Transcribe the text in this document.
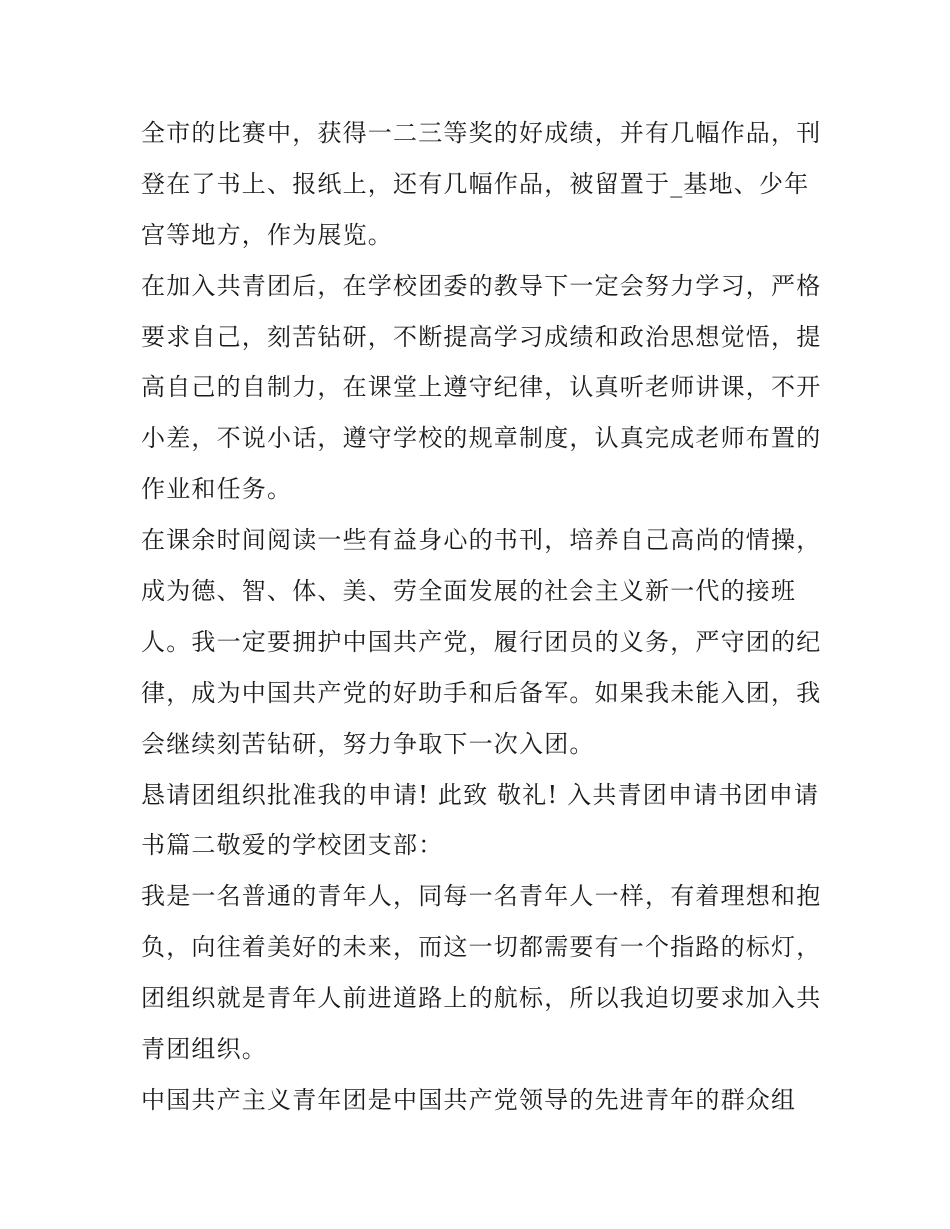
全市的比赛中，获得一二三等奖的好成绩，并有几幅作品，刊
登在了书上、报纸上，还有几幅作品，被留置于_基地、少年
宫等地方，作为展览。
在加入共青团后，在学校团委的教导下一定会努力学习，严格
要求自己，刻苦钻研，不断提高学习成绩和政治思想觉悟，提
高自己的自制力，在课堂上遵守纪律，认真听老师讲课，不开
小差，不说小话，遵守学校的规章制度，认真完成老师布置的
作业和任务。
在课余时间阅读一些有益身心的书刊，培养自己高尚的情操，
成为德、智、体、美、劳全面发展的社会主义新一代的接班
人。我一定要拥护中国共产党，履行团员的义务，严守团的纪
律，成为中国共产党的好助手和后备军。如果我未能入团，我
会继续刻苦钻研，努力争取下一次入团。
恳请团组织批准我的申请! 此致 敬礼! 入共青团申请书团申请
书篇二敬爱的学校团支部：
我是一名普通的青年人，同每一名青年人一样，有着理想和抱
负，向往着美好的未来，而这一切都需要有一个指路的标灯，
团组织就是青年人前进道路上的航标，所以我迫切要求加入共
青团组织。
中国共产主义青年团是中国共产党领导的先进青年的群众组
